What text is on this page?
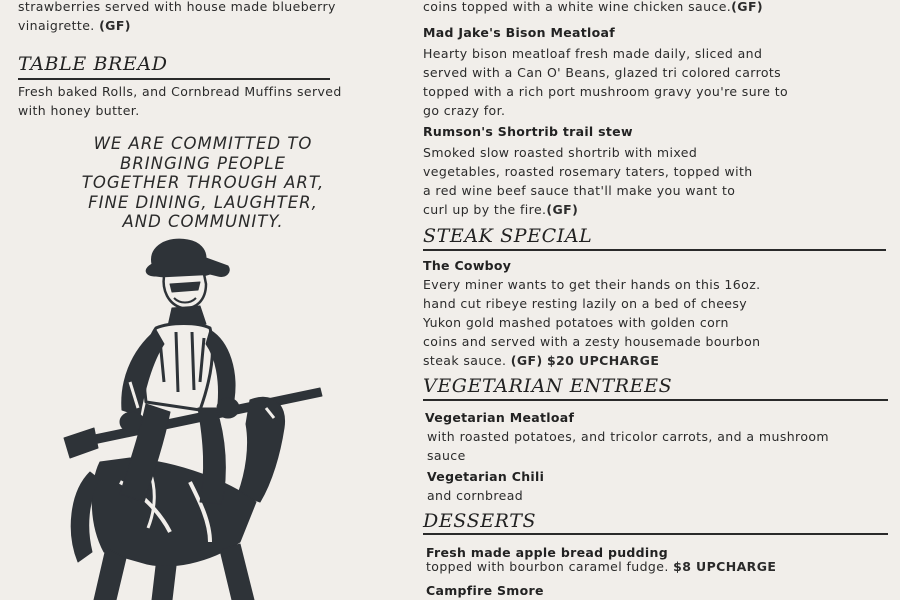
strawberries served with house made blueberry
vinaigrette. (GF)
TABLE BREAD
Fresh baked Rolls, and Cornbread Muffins served with honey butter.
WE ARE COMMITTED TO
BRINGING PEOPLE
TOGETHER THROUGH ART,
FINE DINING, LAUGHTER,
AND COMMUNITY.
coins topped with a white wine chicken sauce.(GF)
Mad Jake's Bison Meatloaf
Hearty bison meatloaf fresh made daily, sliced and
served with a Can O' Beans, glazed tri colored carrots
topped with a rich port mushroom gravy you're sure to
go crazy for.
Rumson's Shortrib trail stew
Smoked slow roasted shortrib with mixed
vegetables, roasted rosemary taters, topped with
a red wine beef sauce that'll make you want to
curl up by the fire.(GF)
STEAK SPECIAL
The Cowboy
Every miner wants to get their hands on this 16oz.
hand cut ribeye resting lazily on a bed of cheesy
Yukon gold mashed potatoes with golden corn
coins and served with a zesty housemade bourbon
steak sauce. (GF) $20 UPCHARGE
VEGETARIAN ENTREES
Vegetarian Meatloaf
with roasted potatoes, and tricolor carrots, and a mushroom sauce
Vegetarian Chili
and cornbread
DESSERTS
Fresh made apple bread pudding
topped with bourbon caramel fudge. $8 UPCHARGE
Campfire Smore
